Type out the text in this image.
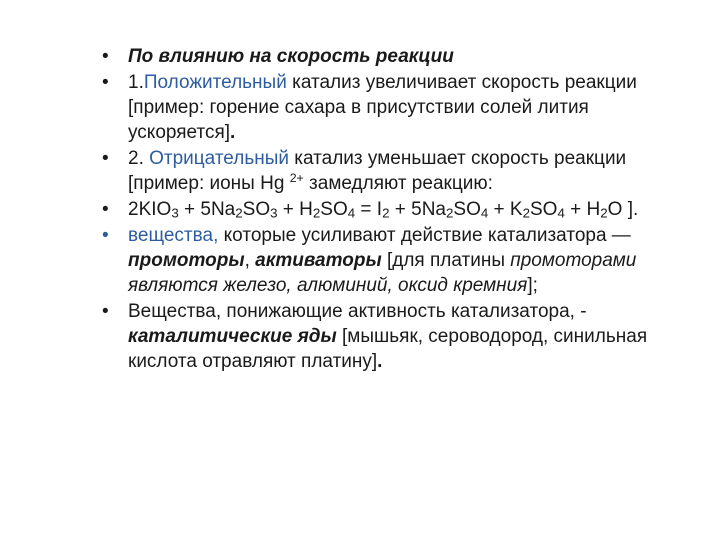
• По влиянию на скорость реакции
• 1.Положительный катализ увеличивает скорость реакции [пример: горение сахара в присутствии солей лития ускоряется].
• 2. Отрицательный катализ уменьшает скорость реакции [пример: ионы Hg $^{2+}$ замедляют реакцию:
• $2KIO_3 + 5Na_2SO_3 + H_2SO_4 = I_2 + 5Na_2SO_4 + K_2SO_4 + H_2O$ ].
• вещества, которые усиливают действие катализатора — промоторы, активаторы [для платины промоторами являются железо, алюминий, оксид кремния];
• Вещества, понижающие активность катализатора, - каталитические яды [мышьяк, сероводород, синильная кислота отравляют платину].
